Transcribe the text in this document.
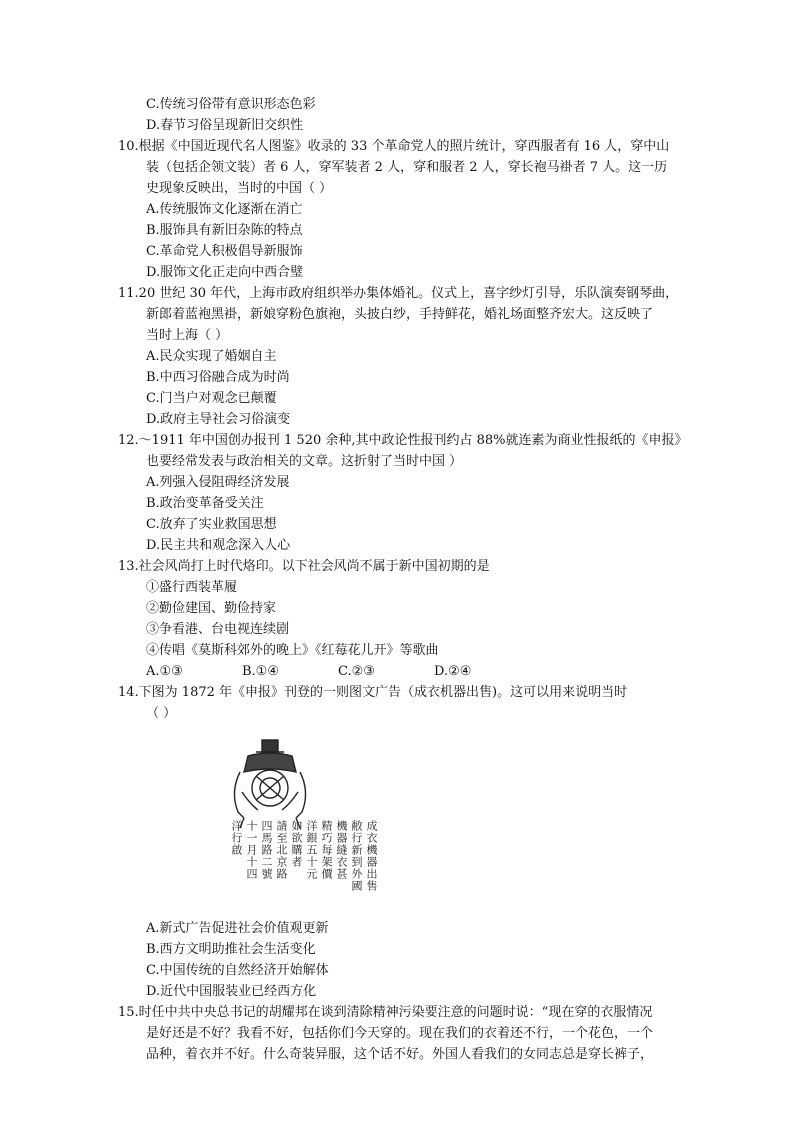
C.传统习俗带有意识形态色彩
D.春节习俗呈现新旧交织性
10.根据《中国近现代名人图鉴》收录的 33 个革命党人的照片统计，穿西服者有 16 人，穿中山
装（包括企领文装）者 6 人，穿军装者 2 人，穿和服者 2 人，穿长袍马褂者 7 人。这一历
史现象反映出，当时的中国（ ）
A.传统服饰文化逐渐在消亡
B.服饰具有新旧杂陈的特点
C.革命党人积极倡导新服饰
D.服饰文化正走向中西合璧
11.20 世纪 30 年代，上海市政府组织举办集体婚礼。仪式上，喜字纱灯引导，乐队演奏钢琴曲，
新郎着蓝袍黑褂，新娘穿粉色旗袍，头披白纱，手持鲜花，婚礼场面整齐宏大。这反映了
当时上海（ ）
A.民众实现了婚姻自主
B.中西习俗融合成为时尚
C.门当户对观念已颠覆
D.政府主导社会习俗演变
12.～1911 年中国创办报刊 1 520 余种,其中政论性报刊约占 88%就连素为商业性报纸的《申报》
也要经常发表与政治相关的文章。这折射了当时中国 ）
A.列强入侵阻碍经济发展
B.政治变革备受关注
C.放弃了实业救国思想
D.民主共和观念深入人心
13.社会风尚打上时代烙印。以下社会风尚不属于新中国初期的是
①盛行西装革履
②勤俭建国、勤俭持家
③争看港、台电视连续剧
④传唱《莫斯科郊外的晚上》《红莓花儿开》等歌曲
A.①③	B.①④	C.②③	D.②④
14.下图为 1872 年《申报》刊登的一则图文广告（成衣机器出售)。这可以用来说明当时
（ ）
洋行啟 十一月十四 四馬路二號 請至北京路 如欲購者 洋銀五十元 精巧每架價 機器縫衣甚 敝行新到外國 成衣機器出售
A.新式广告促进社会价值观更新
B.西方文明助推社会生活变化
C.中国传统的自然经济开始解体
D.近代中国服装业已经西方化
15.时任中共中央总书记的胡耀邦在谈到清除精神污染要注意的问题时说：“现在穿的衣服情况
是好还是不好？我看不好，包括你们今天穿的。现在我们的衣着还不行，一个花色，一个
品种，着衣并不好。什么奇装异服，这个话不好。外国人看我们的女同志总是穿长裤子，
